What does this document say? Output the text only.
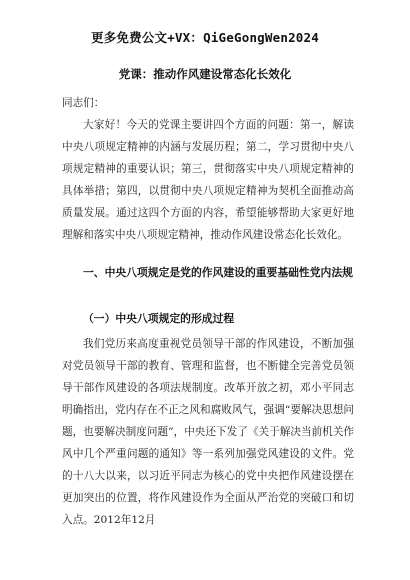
更多免费公文+VX：QiGeGongWen2024
党课：推动作风建设常态化长效化
同志们：
大家好！今天的党课主要讲四个方面的问题：第一，解读中央八项规定精神的内涵与发展历程；第二，学习贯彻中央八项规定精神的重要认识；第三，贯彻落实中央八项规定精神的具体举措；第四，以贯彻中央八项规定精神为契机全面推动高质量发展。通过这四个方面的内容，希望能够帮助大家更好地理解和落实中央八项规定精神，推动作风建设常态化长效化。
一、中央八项规定是党的作风建设的重要基础性党内法规
（一）中央八项规定的形成过程
我们党历来高度重视党员领导干部的作风建设，不断加强对党员领导干部的教育、管理和监督，也不断健全完善党员领导干部作风建设的各项法规制度。改革开放之初，邓小平同志明确指出，党内存在不正之风和腐败风气，强调“要解决思想问题，也要解决制度问题”，中央还下发了《关于解决当前机关作风中几个严重问题的通知》等一系列加强党风建设的文件。党的十八大以来，以习近平同志为核心的党中央把作风建设摆在更加突出的位置，将作风建设作为全面从严治党的突破口和切入点。2012年12月
